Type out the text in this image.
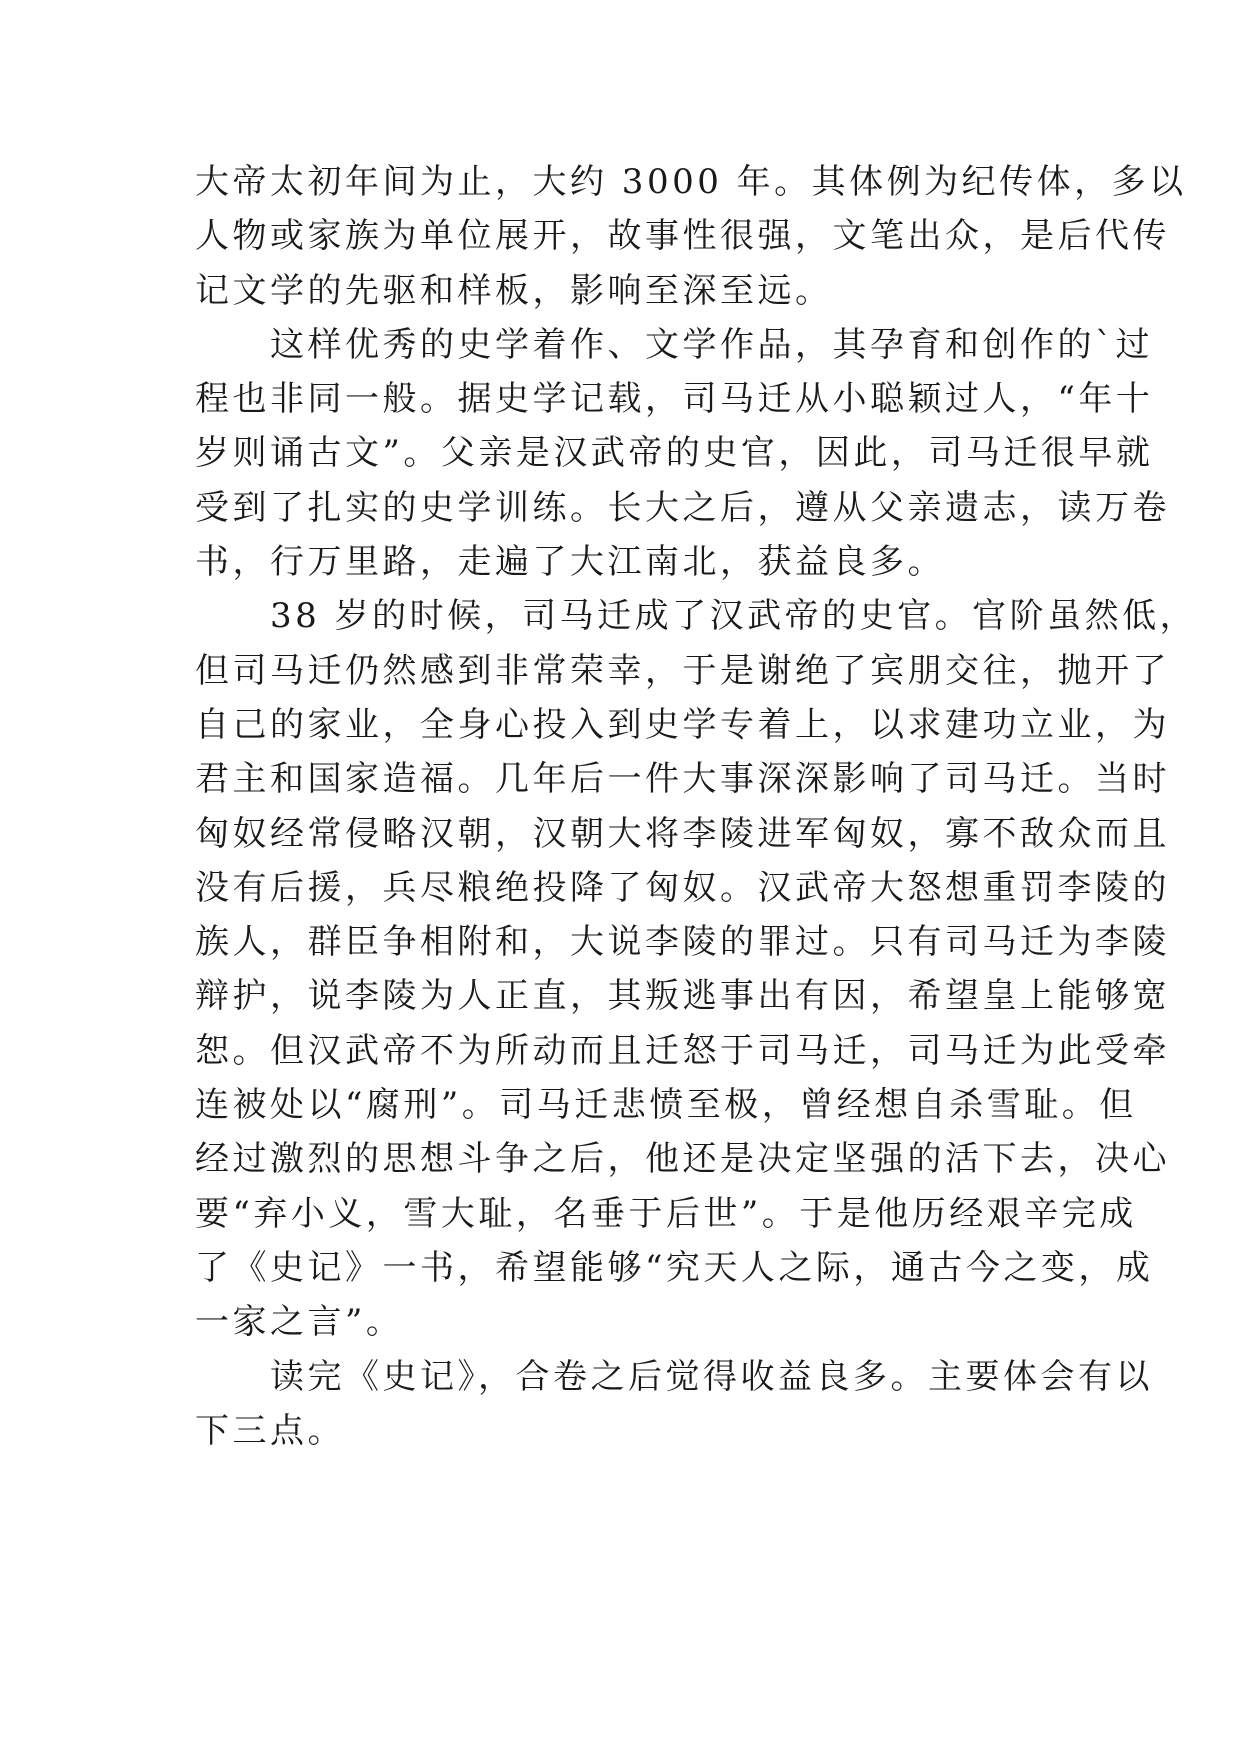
大帝太初年间为止，大约 3000 年。其体例为纪传体，多以
人物或家族为单位展开，故事性很强，文笔出众，是后代传
记文学的先驱和样板，影响至深至远。
　　这样优秀的史学着作、文学作品，其孕育和创作的`过
程也非同一般。据史学记载，司马迁从小聪颖过人，“年十
岁则诵古文”。父亲是汉武帝的史官，因此，司马迁很早就
受到了扎实的史学训练。长大之后，遵从父亲遗志，读万卷
书，行万里路，走遍了大江南北，获益良多。
　　38 岁的时候，司马迁成了汉武帝的史官。官阶虽然低，
但司马迁仍然感到非常荣幸，于是谢绝了宾朋交往，抛开了
自己的家业，全身心投入到史学专着上，以求建功立业，为
君主和国家造福。几年后一件大事深深影响了司马迁。当时
匈奴经常侵略汉朝，汉朝大将李陵进军匈奴，寡不敌众而且
没有后援，兵尽粮绝投降了匈奴。汉武帝大怒想重罚李陵的
族人，群臣争相附和，大说李陵的罪过。只有司马迁为李陵
辩护，说李陵为人正直，其叛逃事出有因，希望皇上能够宽
恕。但汉武帝不为所动而且迁怒于司马迁，司马迁为此受牵
连被处以“腐刑”。司马迁悲愤至极，曾经想自杀雪耻。但
经过激烈的思想斗争之后，他还是决定坚强的活下去，决心
要“弃小义，雪大耻，名垂于后世”。于是他历经艰辛完成
了《史记》一书，希望能够“究天人之际，通古今之变，成
一家之言”。
　　读完《史记》，合卷之后觉得收益良多。主要体会有以
下三点。
